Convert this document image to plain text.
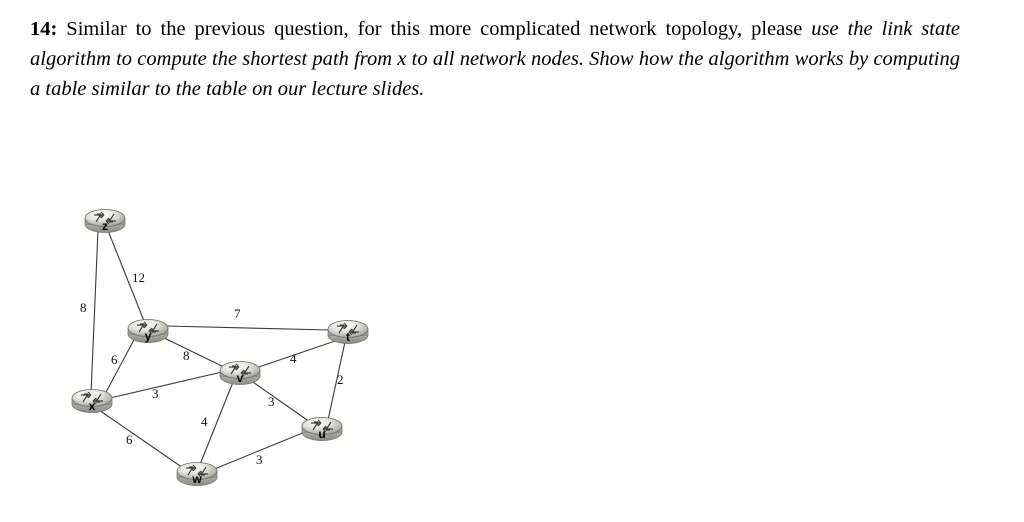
14: Similar to the previous question, for this more complicated network topology, please use the link state algorithm to compute the shortest path from x to all network nodes. Show how the algorithm works by computing a table similar to the table on our lecture slides.
12
8	7
6	8
3
6
4
3
4
2
3
z
y	t
v
x
u
w
